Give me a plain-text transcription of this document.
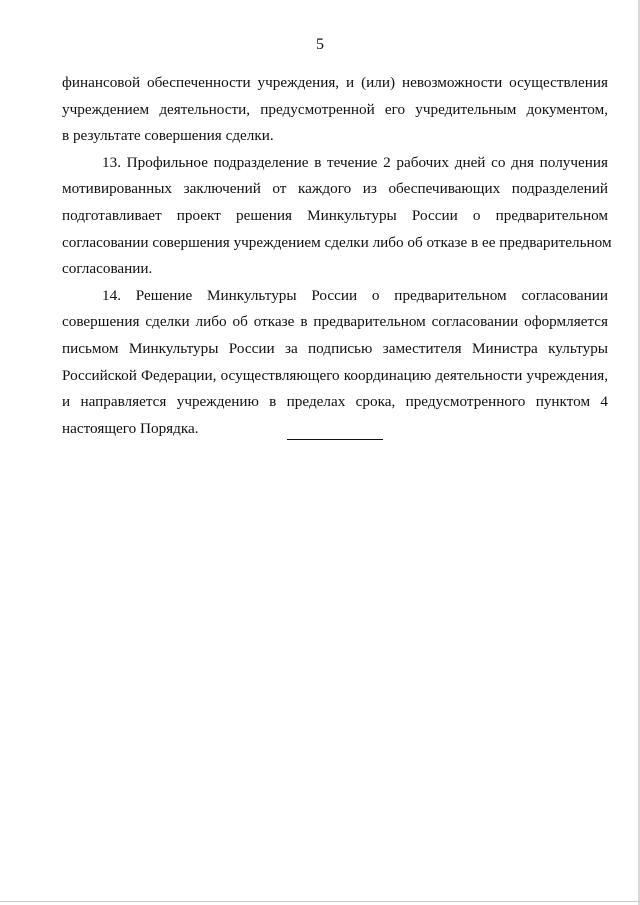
5

финансовой обеспеченности учреждения, и (или) невозможности осуществления
учреждением деятельности, предусмотренной его учредительным документом,
в результате совершения сделки.

13. Профильное подразделение в течение 2 рабочих дней со дня получения
мотивированных заключений от каждого из обеспечивающих подразделений
подготавливает проект решения Минкультуры России о предварительном
согласовании совершения учреждением сделки либо об отказе в ее предварительном
согласовании.

14. Решение Минкультуры России о предварительном согласовании
совершения сделки либо об отказе в предварительном согласовании оформляется
письмом Минкультуры России за подписью заместителя Министра культуры
Российской Федерации, осуществляющего координацию деятельности учреждения,
и направляется учреждению в пределах срока, предусмотренного пунктом 4
настоящего Порядка.
